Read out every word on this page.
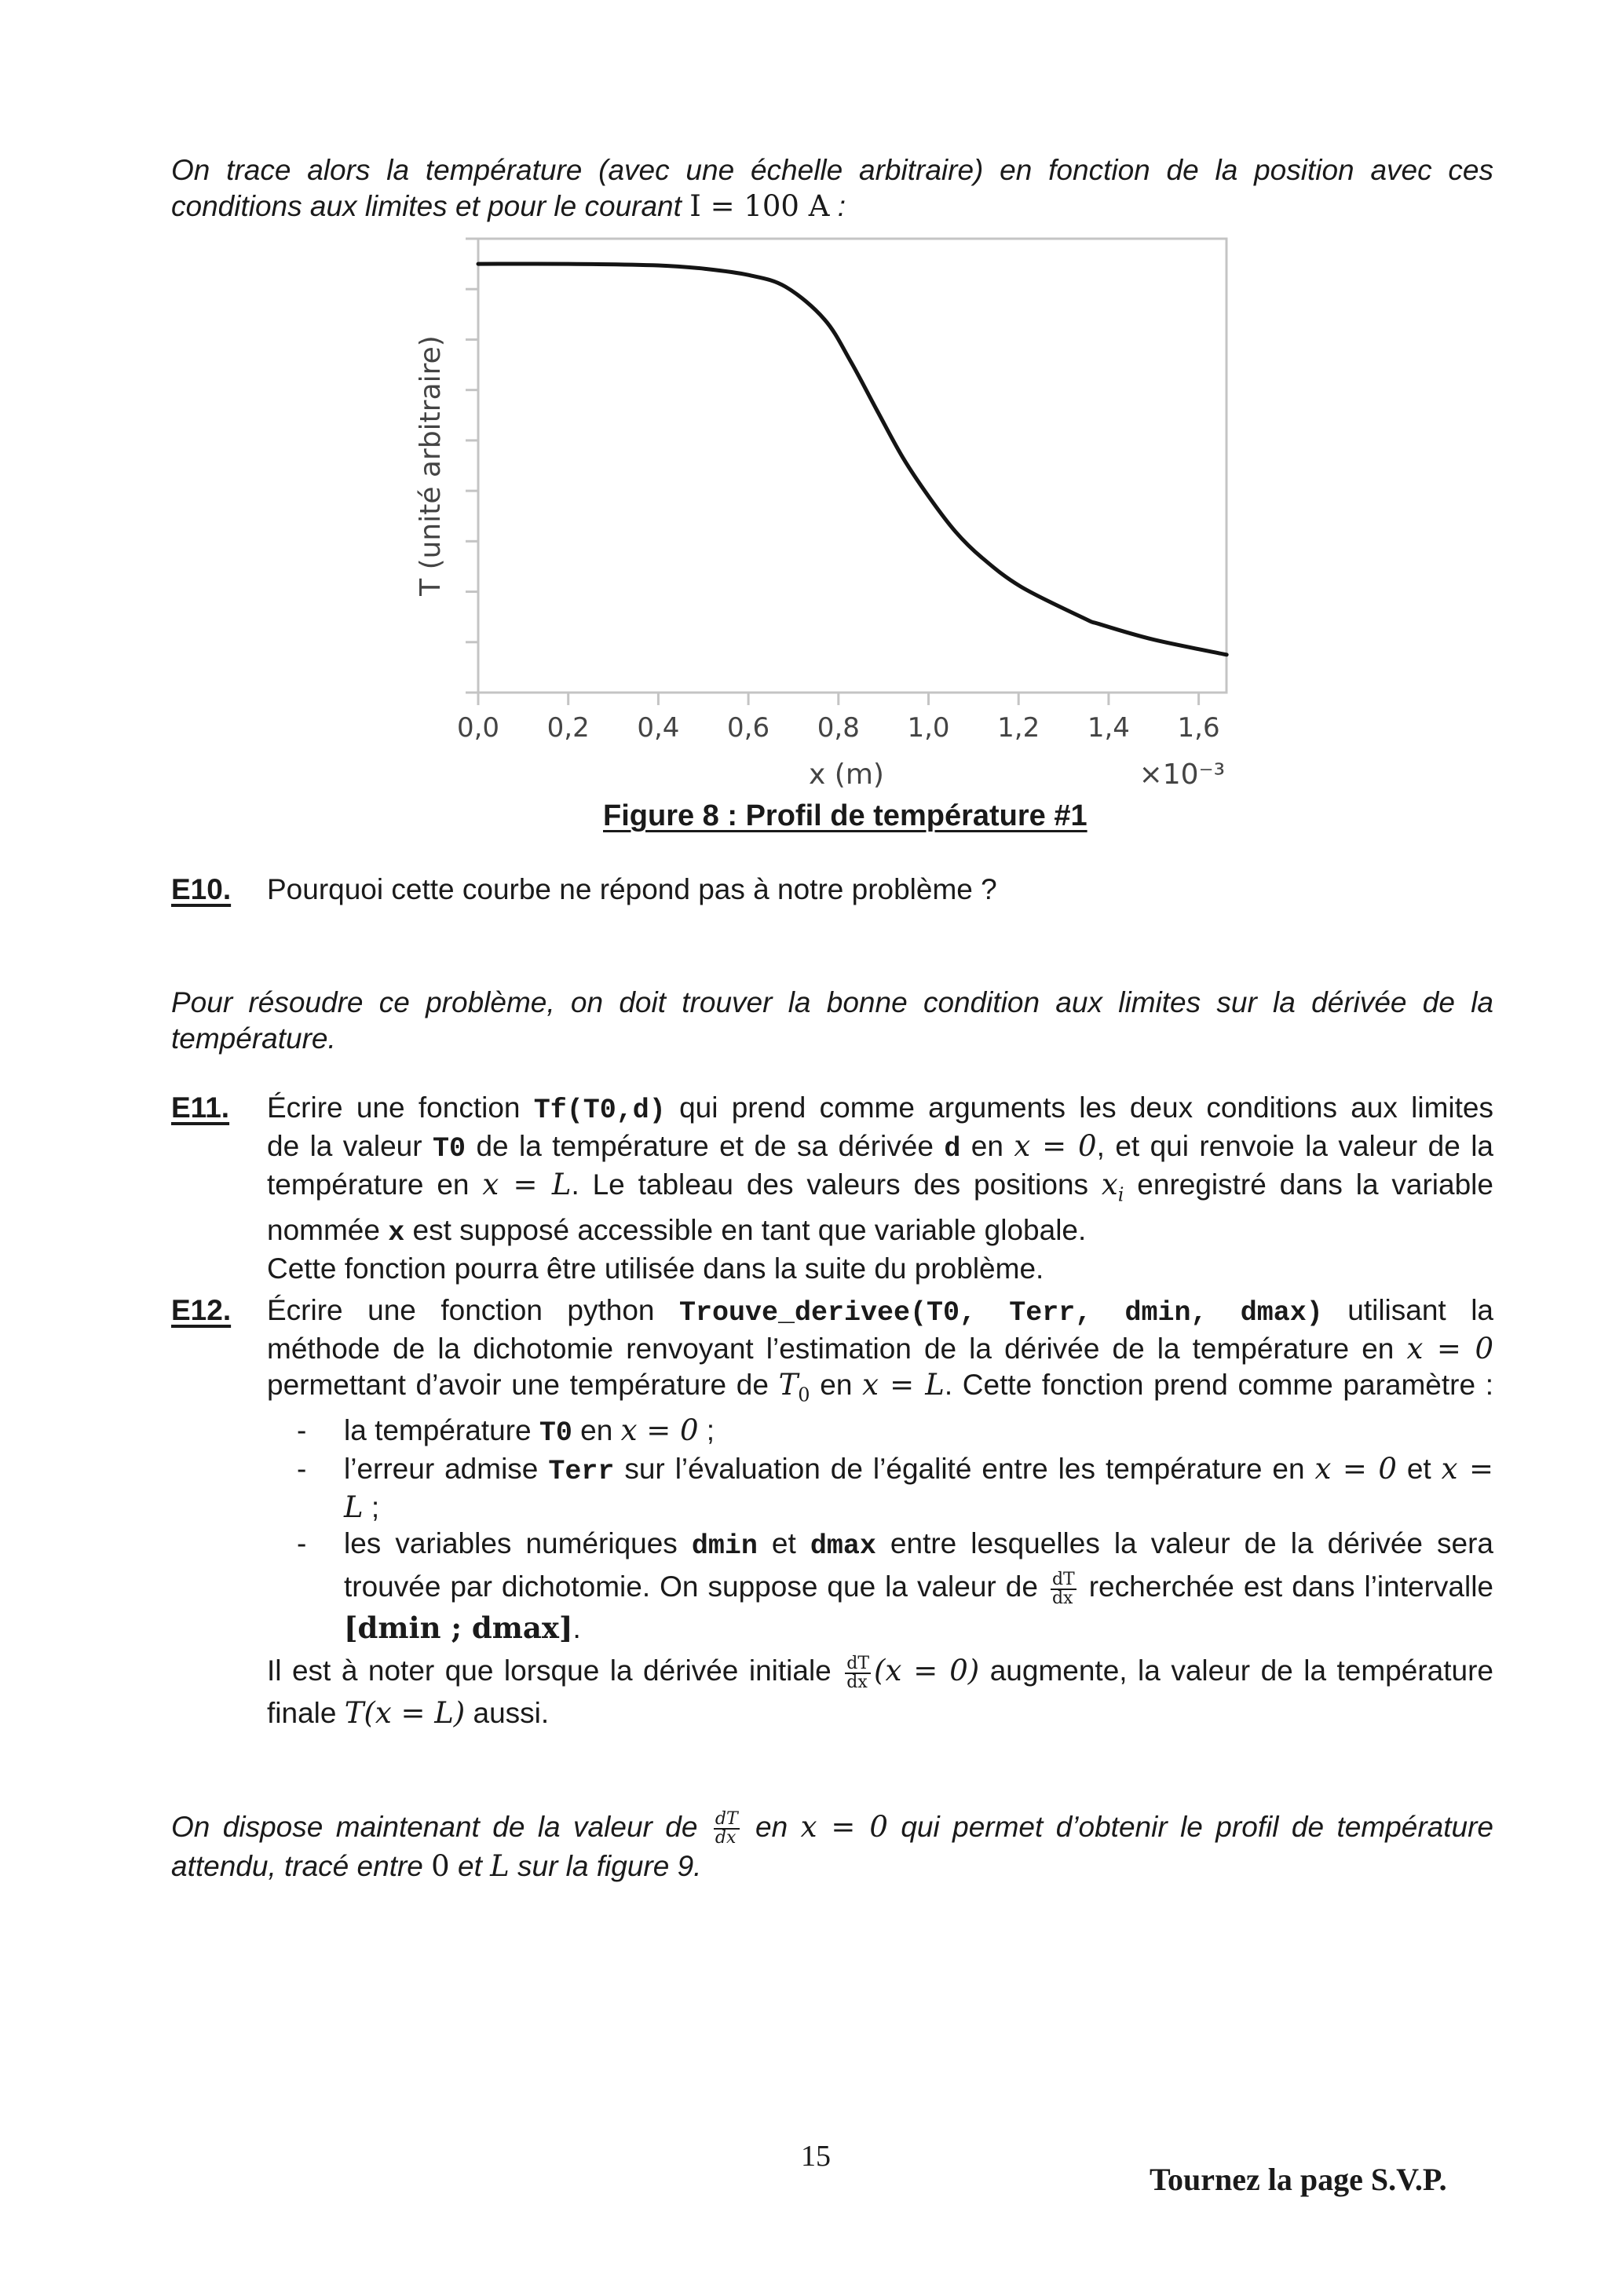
On trace alors la température (avec une échelle arbitraire) en fonction de la position avec ces
conditions aux limites et pour le courant I = 100 A :
0,0 0,2 0,4 0,6 0,8 1,0 1,2 1,4 1,6
T (unité arbitraire)
x (m)	×10⁻³
Figure 8 : Profil de température #1
E10. Pourquoi cette courbe ne répond pas à notre problème ?
Pour résoudre ce problème, on doit trouver la bonne condition aux limites sur la dérivée de la
température.
E11. Écrire une fonction Tf(T0,d) qui prend comme arguments les deux conditions aux limites
de la valeur T0 de la température et de sa dérivée d en x = 0, et qui renvoie la valeur de la
température en x = L. Le tableau des valeurs des positions $x_i$ enregistré dans la variable
nommée x est supposé accessible en tant que variable globale.
Cette fonction pourra être utilisée dans la suite du problème.
E12. Écrire une fonction python Trouve_derivee(T0, Terr, dmin, dmax) utilisant la
méthode de la dichotomie renvoyant l’estimation de la dérivée de la température en x = 0
permettant d’avoir une température de $T_0$ en x = L. Cette fonction prend comme paramètre :
- la température T0 en x = 0 ;
- l’erreur admise Terr sur l’évaluation de l’égalité entre les température en x = 0 et x =
L ;
- les variables numériques dmin et dmax entre lesquelles la valeur de la dérivée sera
trouvée par dichotomie. On suppose que la valeur de $\frac{dT}{dx}$ recherchée est dans l’intervalle
[dmin ; dmax].
Il est à noter que lorsque la dérivée initiale $\frac{dT}{dx} (x = 0)$ augmente, la valeur de la température
finale T(x = L) aussi.
On dispose maintenant de la valeur de $\frac{dT}{dx}$ en x = 0 qui permet d’obtenir le profil de température
attendu, tracé entre 0 et L sur la figure 9.
15
Tournez la page S.V.P.
